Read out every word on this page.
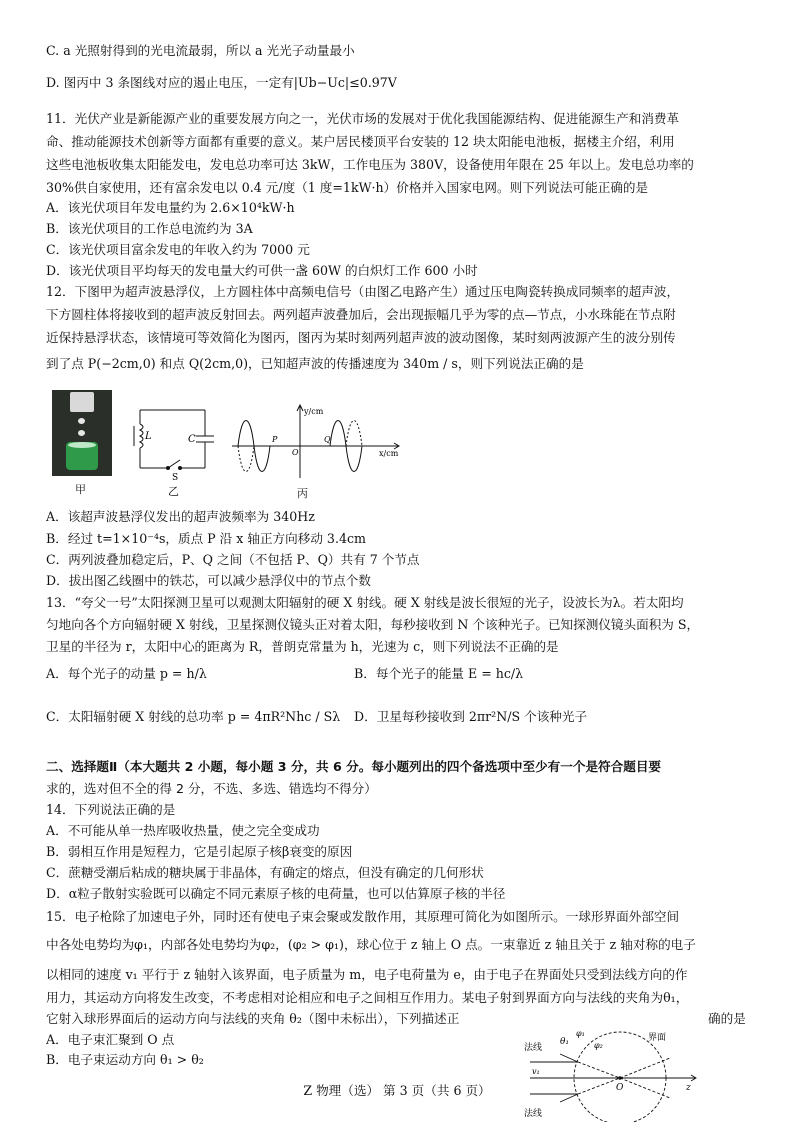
C. a 光照射得到的光电流最弱，所以 a 光光子动量最小
D. 图丙中 3 条图线对应的遏止电压，一定有|Ub−Uc|≤0.97V
11．光伏产业是新能源产业的重要发展方向之一，光伏市场的发展对于优化我国能源结构、促进能源生产和消费革
命、推动能源技术创新等方面都有重要的意义。某户居民楼顶平台安装的 12 块太阳能电池板，据楼主介绍，利用
这些电池板收集太阳能发电，发电总功率可达 3kW，工作电压为 380V，设备使用年限在 25 年以上。发电总功率的
30%供自家使用，还有富余发电以 0.4 元/度（1 度=1kW·h）价格并入国家电网。则下列说法可能正确的是
A．该光伏项目年发电量约为 2.6×10⁴kW·h
B．该光伏项目的工作总电流约为 3A
C．该光伏项目富余发电的年收入约为 7000 元
D．该光伏项目平均每天的发电量大约可供一盏 60W 的白炽灯工作 600 小时
12．下图甲为超声波悬浮仪，上方圆柱体中高频电信号（由图乙电路产生）通过压电陶瓷转换成同频率的超声波，
下方圆柱体将接收到的超声波反射回去。两列超声波叠加后，会出现振幅几乎为零的点—节点，小水珠能在节点附
近保持悬浮状态，该情境可等效简化为图丙，图丙为某时刻两列超声波的波动图像，某时刻两波源产生的波分别传
到了点 P(−2cm,0) 和点 Q(2cm,0)，已知超声波的传播速度为 340m / s，则下列说法正确的是
甲
L	C
S
乙
y/cm
x/cm
O
P	Q
丙
A．该超声波悬浮仪发出的超声波频率为 340Hz
B．经过 t=1×10⁻⁴s，质点 P 沿 x 轴正方向移动 3.4cm
C．两列波叠加稳定后，P、Q 之间（不包括 P、Q）共有 7 个节点
D．拔出图乙线圈中的铁芯，可以减少悬浮仪中的节点个数
13．“夸父一号”太阳探测卫星可以观测太阳辐射的硬 X 射线。硬 X 射线是波长很短的光子，设波长为λ。若太阳均
匀地向各个方向辐射硬 X 射线，卫星探测仪镜头正对着太阳，每秒接收到 N 个该种光子。已知探测仪镜头面积为 S，
卫星的半径为 r，太阳中心的距离为 R，普朗克常量为 h，光速为 c，则下列说法不正确的是
A．每个光子的动量 p = h/λ	B．每个光子的能量 E = hc/λ
C．太阳辐射硬 X 射线的总功率 p = 4πR²Nhc / Sλ D．卫星每秒接收到 2πr²N/S 个该种光子
二、选择题Ⅱ（本大题共 2 小题，每小题 3 分，共 6 分。每小题列出的四个备选项中至少有一个是符合题目要
求的，选对但不全的得 2 分，不选、多选、错选均不得分）
14．下列说法正确的是
A．不可能从单一热库吸收热量，使之完全变成功
B．弱相互作用是短程力，它是引起原子核β衰变的原因
C．蔗糖受潮后粘成的糖块属于非晶体，有确定的熔点，但没有确定的几何形状
D．α粒子散射实验既可以确定不同元素原子核的电荷量，也可以估算原子核的半径
15．电子枪除了加速电子外，同时还有使电子束会聚或发散作用，其原理可简化为如图所示。一球形界面外部空间
中各处电势均为φ₁，内部各处电势均为φ₂，(φ₂ > φ₁)，球心位于 z 轴上 O 点。一束靠近 z 轴且关于 z 轴对称的电子
以相同的速度 v₁ 平行于 z 轴射入该界面，电子质量为 m，电子电荷量为 e，由于电子在界面处只受到法线方向的作
用力，其运动方向将发生改变，不考虑相对论相应和电子之间相互作用力。某电子射到界面方向与法线的夹角为θ₁，
它射入球形界面后的运动方向与法线的夹角 θ₂（图中未标出），下列描述正	确的是
A．电子束汇聚到 O 点
B．电子束运动方向 θ₁ > θ₂
法线
法线
界面
θ₁
φ₁
φ₂
v₁
O	z
Z 物理（选） 第 3 页（共 6 页）
